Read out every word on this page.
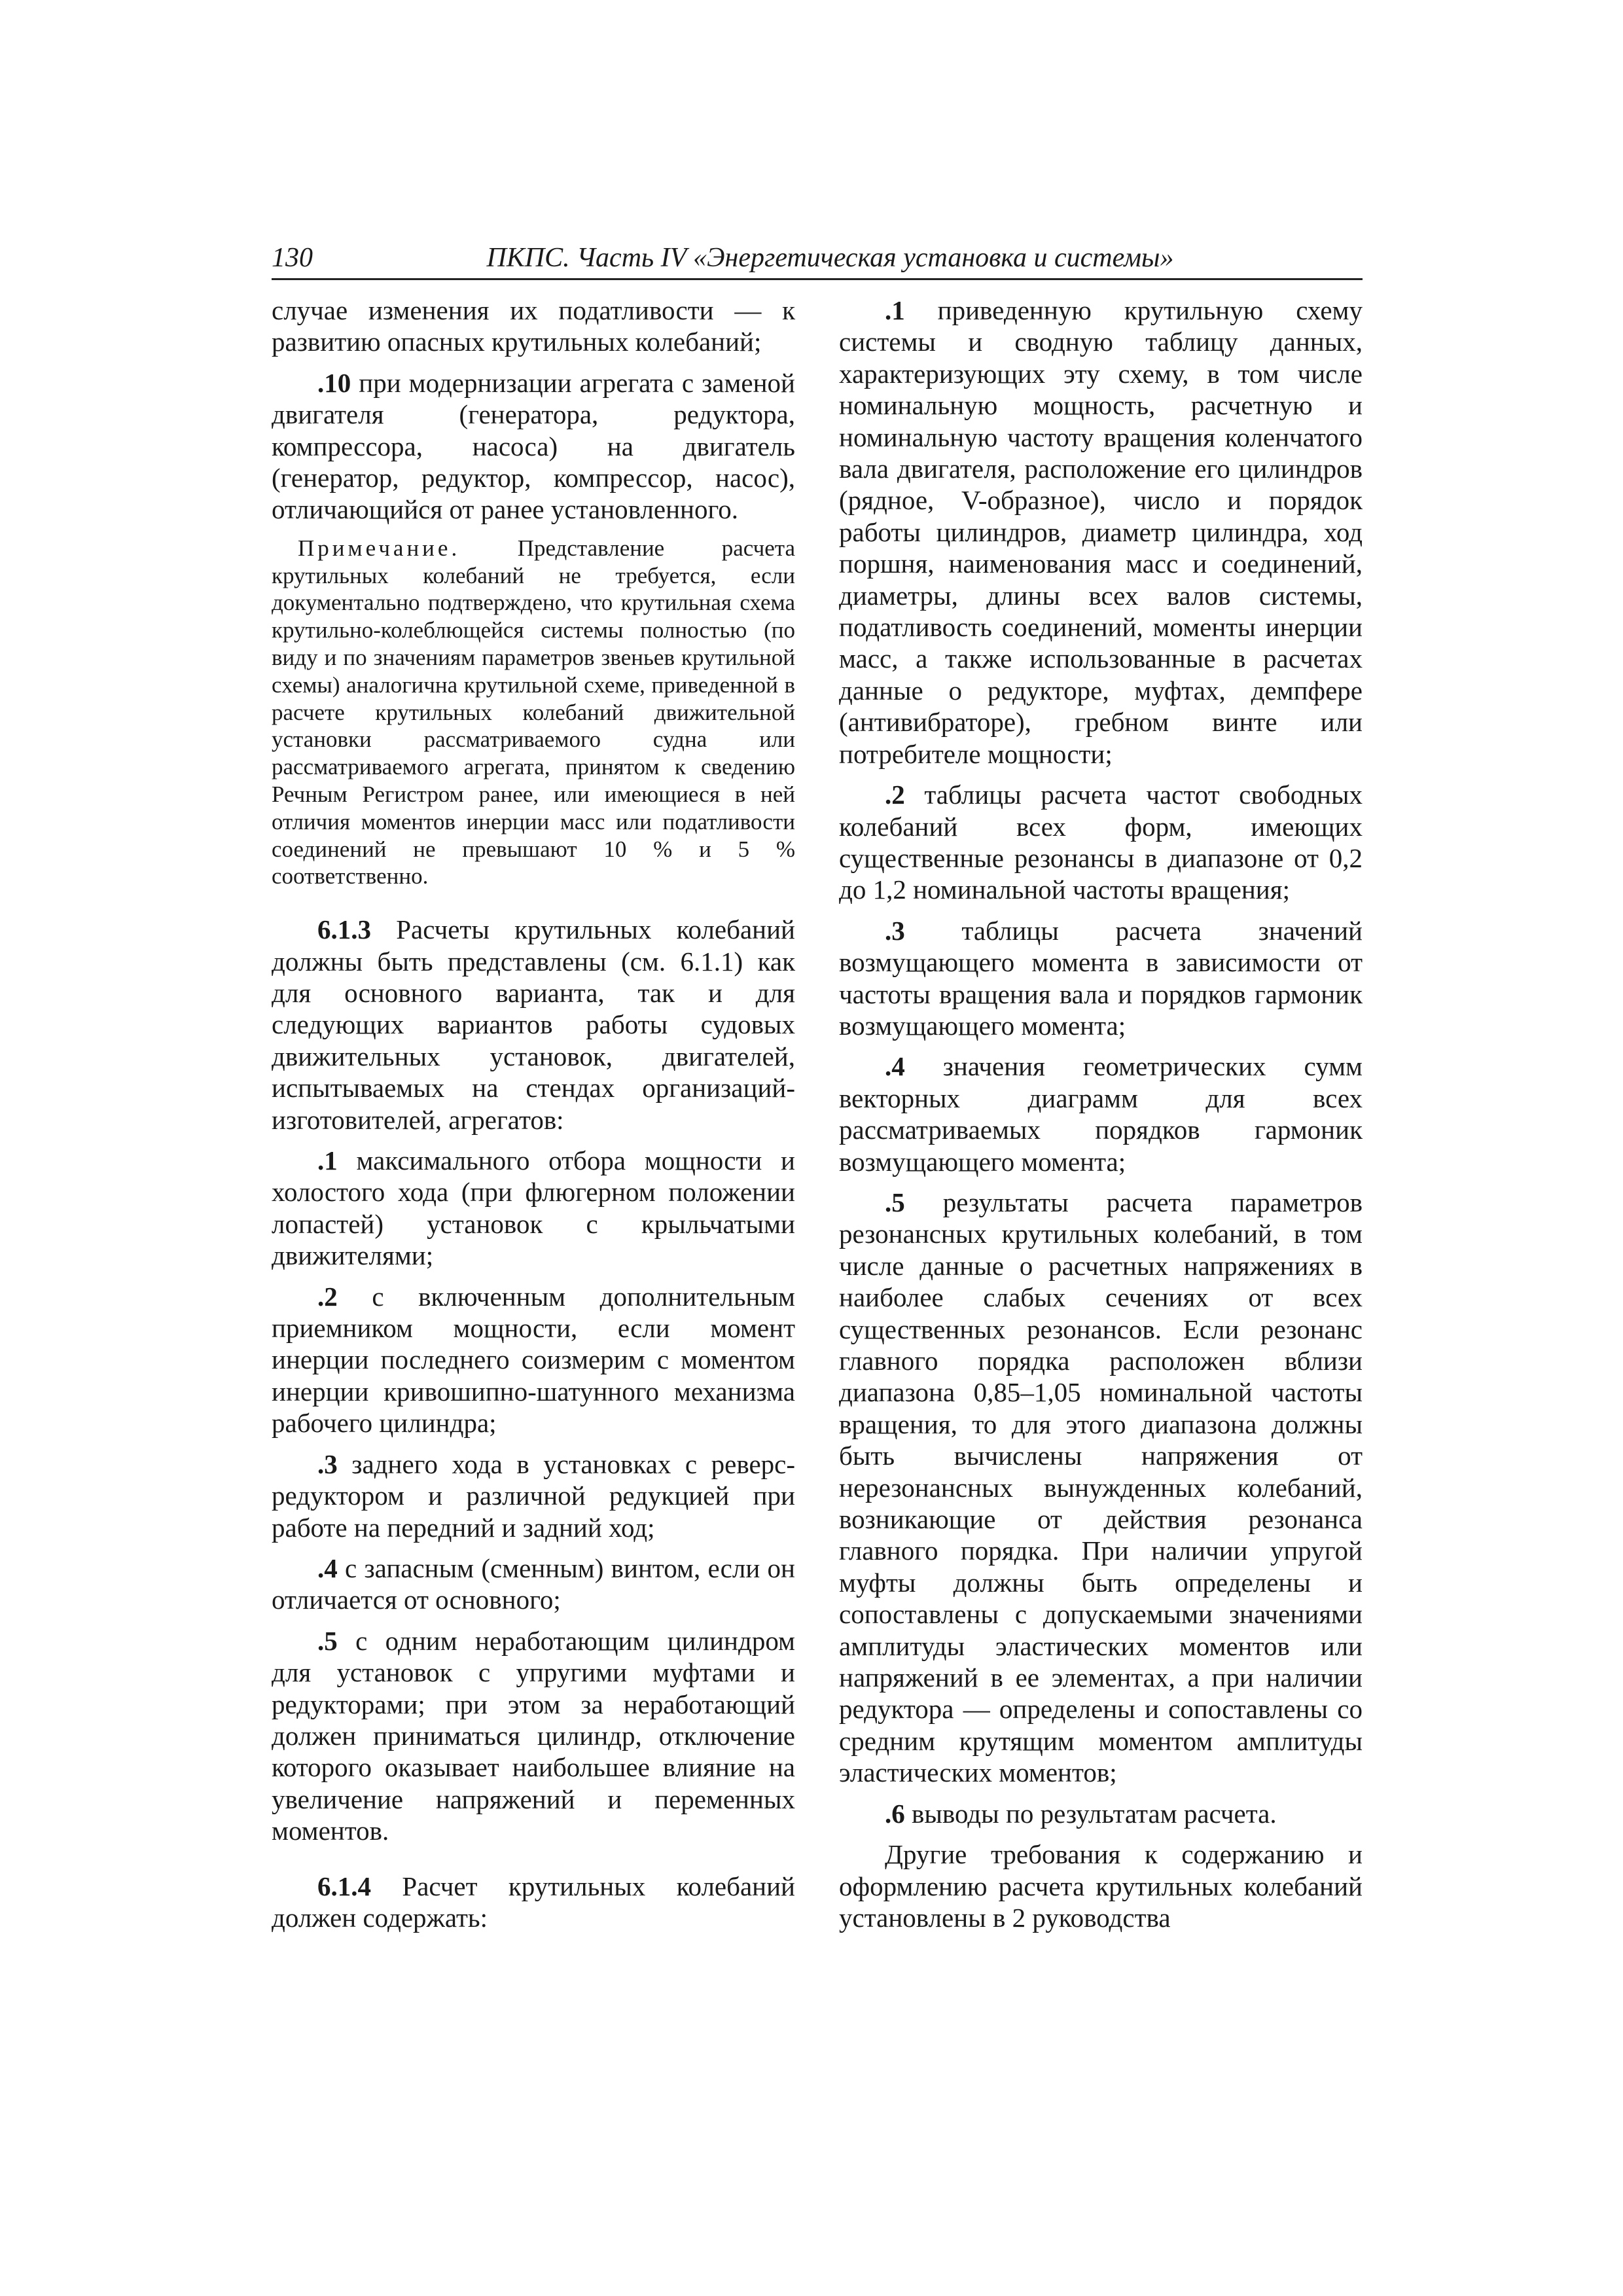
130	ПКПС. Часть IV «Энергетическая установка и системы»

случае изменения их податливости — к развитию опасных крутильных колебаний;

.10 при модернизации агрегата с заменой двигателя (генератора, редуктора, компрессора, насоса) на двигатель (генератор, редуктор, компрессор, насос), отличающийся от ранее установленного.

Примечание. Представление расчета крутильных колебаний не требуется, если документально подтверждено, что крутильная схема крутильно-колеблющейся системы полностью (по виду и по значениям параметров звеньев крутильной схемы) аналогична крутильной схеме, приведенной в расчете крутильных колебаний движительной установки рассматриваемого судна или рассматриваемого агрегата, принятом к сведению Речным Регистром ранее, или имеющиеся в ней отличия моментов инерции масс или податливости соединений не превышают 10 % и 5 % соответственно.

6.1.3 Расчеты крутильных колебаний должны быть представлены (см. 6.1.1) как для основного варианта, так и для следующих вариантов работы судовых движительных установок, двигателей, испытываемых на стендах организаций-изготовителей, агрегатов:

.1 максимального отбора мощности и холостого хода (при флюгерном положении лопастей) установок с крыльчатыми движителями;

.2 с включенным дополнительным приемником мощности, если момент инерции последнего соизмерим с моментом инерции кривошипно-шатунного механизма рабочего цилиндра;

.3 заднего хода в установках с реверс-редуктором и различной редукцией при работе на передний и задний ход;

.4 с запасным (сменным) винтом, если он отличается от основного;

.5 с одним неработающим цилиндром для установок с упругими муфтами и редукторами; при этом за неработающий должен приниматься цилиндр, отключение которого оказывает наибольшее влияние на увеличение напряжений и переменных моментов.

6.1.4 Расчет крутильных колебаний должен содержать:

.1 приведенную крутильную схему системы и сводную таблицу данных, характеризующих эту схему, в том числе номинальную мощность, расчетную и номинальную частоту вращения коленчатого вала двигателя, расположение его цилиндров (рядное, V-образное), число и порядок работы цилиндров, диаметр цилиндра, ход поршня, наименования масс и соединений, диаметры, длины всех валов системы, податливость соединений, моменты инерции масс, а также использованные в расчетах данные о редукторе, муфтах, демпфере (антивибраторе), гребном винте или потребителе мощности;

.2 таблицы расчета частот свободных колебаний всех форм, имеющих существенные резонансы в диапазоне от 0,2 до 1,2 номинальной частоты вращения;

.3 таблицы расчета значений возмущающего момента в зависимости от частоты вращения вала и порядков гармоник возмущающего момента;

.4 значения геометрических сумм векторных диаграмм для всех рассматриваемых порядков гармоник возмущающего момента;

.5 результаты расчета параметров резонансных крутильных колебаний, в том числе данные о расчетных напряжениях в наиболее слабых сечениях от всех существенных резонансов. Если резонанс главного порядка расположен вблизи диапазона 0,85–1,05 номинальной частоты вращения, то для этого диапазона должны быть вычислены напряжения от нерезонансных вынужденных колебаний, возникающие от действия резонанса главного порядка. При наличии упругой муфты должны быть определены и сопоставлены с допускаемыми значениями амплитуды эластических моментов или напряжений в ее элементах, а при наличии редуктора — определены и сопоставлены со средним крутящим моментом амплитуды эластических моментов;

.6 выводы по результатам расчета.

Другие требования к содержанию и оформлению расчета крутильных колебаний установлены в 2 руководства
